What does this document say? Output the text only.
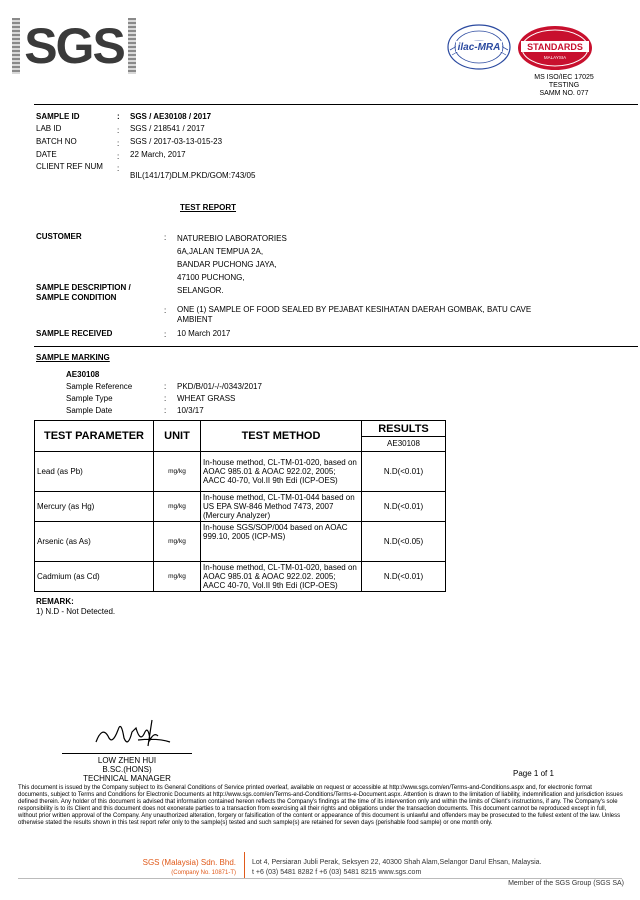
SGS	ilac-MRA	STANDARDS
MALAYSIA
MS ISO/IEC 17025
TESTING
SAMM NO. 077
SAMPLE ID	: SGS / AE30108 / 2017
LAB ID	: SGS / 218541 / 2017
BATCH NO	: SGS / 2017-03-13-015-23
DATE	: 22 March, 2017
CLIENT REF NUM :
BIL(141/17)DLM.PKD/GOM:743/05
TEST REPORT
CUSTOMER	: NATUREBIO LABORATORIES
6A,JALAN TEMPUA 2A,
BANDAR PUCHONG JAYA,
47100 PUCHONG,
SELANGOR.
SAMPLE DESCRIPTION /
SAMPLE CONDITION
: ONE (1) SAMPLE OF FOOD SEALED BY PEJABAT KESIHATAN DAERAH GOMBAK, BATU CAVE
AMBIENT
SAMPLE RECEIVED	: 10 March 2017
SAMPLE MARKING
AE30108
Sample Reference	: PKD/B/01/-/-/0343/2017
Sample Type	: WHEAT GRASS
Sample Date	: 10/3/17
TEST PARAMETER	UNIT	TEST METHOD	RESULTS
AE30108

Lead (as Pb)	mg/kg	In-house method, CL-TM-01-020, based on AOAC 985.01 & AOAC 922.02, 2005; AACC 40-70, Vol.II 9th Edi (ICP-OES)	N.D(<0.01)
Mercury (as Hg)	mg/kg	In-house method, CL-TM-01-044 based on US EPA SW-846 Method 7473, 2007 (Mercury Analyzer)	N.D(<0.01)
Arsenic (as As)	mg/kg	In-house SGS/SOP/004 based on AOAC 999.10, 2005 (ICP-MS)	N.D(<0.05)
Cadmium (as Cd)	mg/kg	In-house method, CL-TM-01-020, based on AOAC 985.01 & AOAC 922.02. 2005; AACC 40-70, Vol.II 9th Edi (ICP-OES)	N.D(<0.01)
REMARK:
1) N.D - Not Detected.
LOW ZHEN HUI
B.SC.(HONS)
TECHNICAL MANAGER
Page 1 of 1
This document is issued by the Company subject to its General Conditions of Service printed overleaf, available on request or accessible at http://www.sgs.com/en/Terms-and-Conditions.aspx and, for electronic format documents, subject to Terms and Conditions for Electronic Documents at http://www.sgs.com/en/Terms-and-Conditions/Terms-e-Document.aspx. Attention is drawn to the limitation of liability, indemnification and jurisdiction issues defined therein. Any holder of this document is advised that information contained hereon reflects the Company's findings at the time of its intervention only and within the limits of Client's instructions, if any. The Company's sole responsibility is to its Client and this document does not exonerate parties to a transaction from exercising all their rights and obligations under the transaction documents. This document cannot be reproduced except in full, without prior written approval of the Company. Any unauthorized alteration, forgery or falsification of the content or appearance of this document is unlawful and offenders may be prosecuted to the fullest extent of the law. Unless otherwise stated the results shown in this test report refer only to the sample(s) tested and such sample(s) are retained for seven days (perishable food sample) or one month only.
SGS (Malaysia) Sdn. Bhd.
(Company No. 10871-T)
Lot 4, Persiaran Jubli Perak, Seksyen 22, 40300 Shah Alam,Selangor Darul Ehsan, Malaysia.
t +6 (03) 5481 8282 f +6 (03) 5481 8215 www.sgs.com
Member of the SGS Group (SGS SA)
